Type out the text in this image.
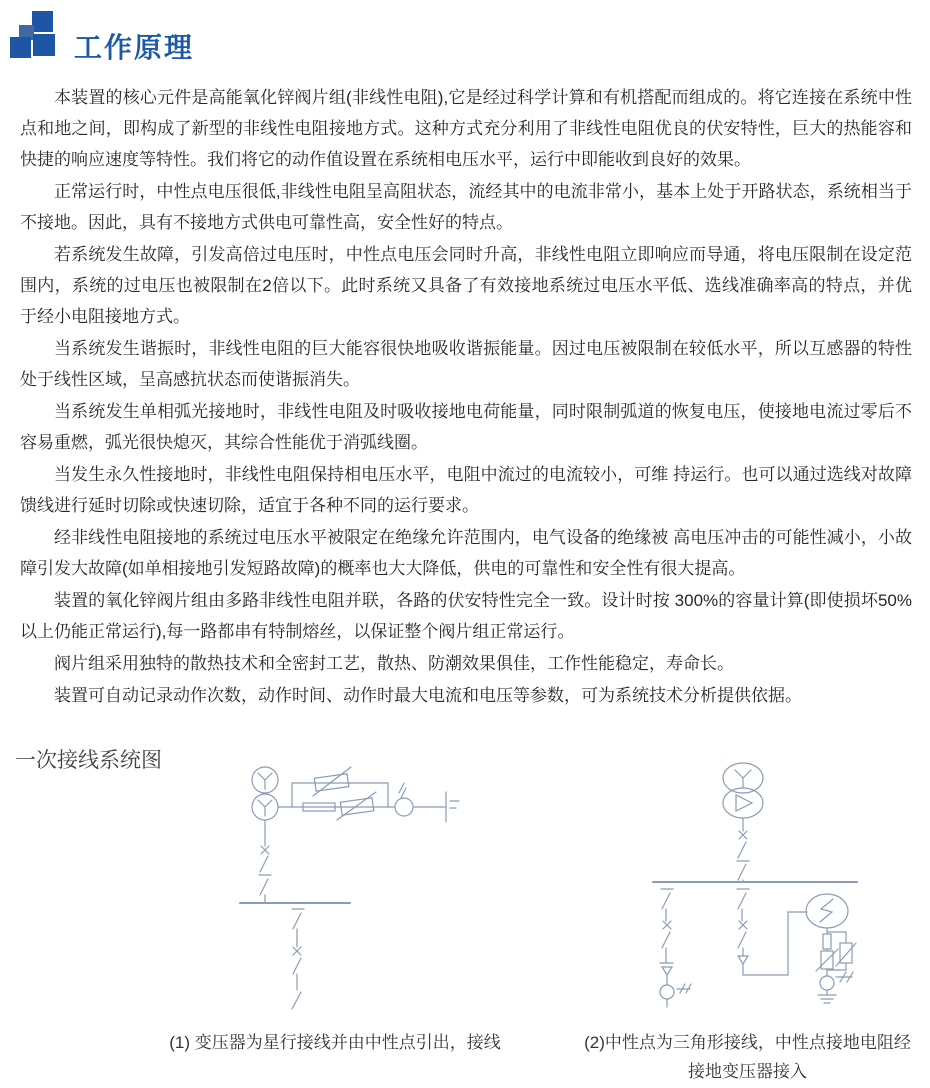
工作原理

本装置的核心元件是高能氧化锌阀片组(非线性电阻),它是经过科学计算和有机搭配而组成的。将它连接在系统中性点和地之间，即构成了新型的非线性电阻接地方式。这种方式充分利用了非线性电阻优良的伏安特性，巨大的热能容和快捷的响应速度等特性。我们将它的动作值设置在系统相电压水平，运行中即能收到良好的效果。

正常运行时，中性点电压很低,非线性电阻呈高阻状态，流经其中的电流非常小，基本上处于开路状态，系统相当于不接地。因此，具有不接地方式供电可靠性高，安全性好的特点。

若系统发生故障，引发高倍过电压时，中性点电压会同时升高，非线性电阻立即响应而导通，将电压限制在设定范围内，系统的过电压也被限制在2倍以下。此时系统又具备了有效接地系统过电压水平低、选线准确率高的特点，并优于经小电阻接地方式。

当系统发生谐振时，非线性电阻的巨大能容很快地吸收谐振能量。因过电压被限制在较低水平，所以互感器的特性处于线性区域，呈高感抗状态而使谐振消失。

当系统发生单相弧光接地时，非线性电阻及时吸收接地电荷能量，同时限制弧道的恢复电压，使接地电流过零后不容易重燃，弧光很快熄灭，其综合性能优于消弧线圈。

当发生永久性接地时，非线性电阻保持相电压水平，电阻中流过的电流较小，可维 持运行。也可以通过选线对故障馈线进行延时切除或快速切除，适宜于各种不同的运行要求。

经非线性电阻接地的系统过电压水平被限定在绝缘允许范围内，电气设备的绝缘被 高电压冲击的可能性减小，小故障引发大故障(如单相接地引发短路故障)的概率也大大降低，供电的可靠性和安全性有很大提高。

装置的氧化锌阀片组由多路非线性电阻并联，各路的伏安特性完全一致。设计时按 300%的容量计算(即使损坏50%以上仍能正常运行),每一路都串有特制熔丝，以保证整个阀片组正常运行。

阀片组采用独特的散热技术和全密封工艺，散热、防潮效果俱佳，工作性能稳定，寿命长。

装置可自动记录动作次数，动作时间、动作时最大电流和电压等参数，可为系统技术分析提供依据。

一次接线系统图
(1) 变压器为星行接线并由中性点引出，接线	(2)中性点为三角形接线，中性点接地电阻经
接地变压器接入
